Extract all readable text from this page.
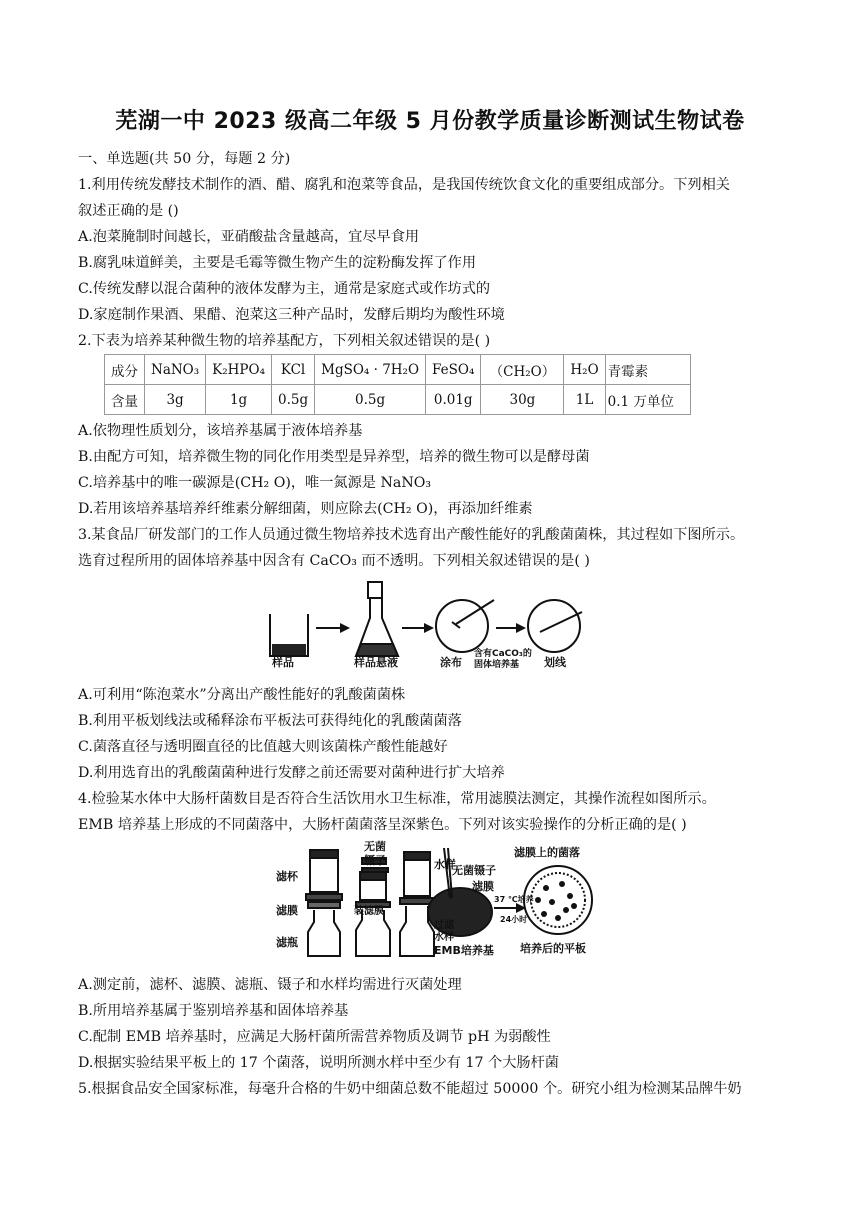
芜湖一中 2023 级高二年级 5 月份教学质量诊断测试生物试卷
一、单选题(共 50 分，每题 2 分)
1.利用传统发酵技术制作的酒、醋、腐乳和泡菜等食品，是我国传统饮食文化的重要组成部分。下列相关
叙述正确的是 ()
A.泡菜腌制时间越长，亚硝酸盐含量越高，宜尽早食用
B.腐乳味道鲜美，主要是毛霉等微生物产生的淀粉酶发挥了作用
C.传统发酵以混合菌种的液体发酵为主，通常是家庭式或作坊式的
D.家庭制作果酒、果醋、泡菜这三种产品时，发酵后期均为酸性环境
2.下表为培养某种微生物的培养基配方，下列相关叙述错误的是( )
成分	NaNO₃	K₂HPO₄	KCl	MgSO₄ · 7H₂O	FeSO₄	（CH₂O）	H₂O	青霉素
含量	3g	1g	0.5g	0.5g	0.01g	30g	1L	0.1 万单位
A.依物理性质划分，该培养基属于液体培养基
B.由配方可知，培养微生物的同化作用类型是异养型，培养的微生物可以是酵母菌
C.培养基中的唯一碳源是(CH₂ O)，唯一氮源是 NaNO₃
D.若用该培养基培养纤维素分解细菌，则应除去(CH₂ O)，再添加纤维素
3.某食品厂研发部门的工作人员通过微生物培养技术选育出产酸性能好的乳酸菌菌株，其过程如下图所示。
选育过程所用的固体培养基中因含有 CaCO₃ 而不透明。下列相关叙述错误的是( )
样品	样品悬液	涂布
含有CaCO₃的
固体培养基 划线
A.可利用“陈泡菜水”分离出产酸性能好的乳酸菌菌株
B.利用平板划线法或稀释涂布平板法可获得纯化的乳酸菌菌落
C.菌落直径与透明圈直径的比值越大则该菌株产酸性能越好
D.利用选育出的乳酸菌菌种进行发酵之前还需要对菌种进行扩大培养
4.检验某水体中大肠杆菌数目是否符合生活饮用水卫生标准，常用滤膜法测定，其操作流程如图所示。
EMB 培养基上形成的不同菌落中，大肠杆菌菌落呈深紫色。下列对该实验操作的分析正确的是( )
滤杯
滤膜
滤瓶
无菌
镊子
装滤膜
水样
过滤
水样
无菌镊子
滤膜
EMB培养基
37 ℃培养
24小时
滤膜上的菌落
培养后的平板
A.测定前，滤杯、滤膜、滤瓶、镊子和水样均需进行灭菌处理
B.所用培养基属于鉴别培养基和固体培养基
C.配制 EMB 培养基时，应满足大肠杆菌所需营养物质及调节 pH 为弱酸性
D.根据实验结果平板上的 17 个菌落，说明所测水样中至少有 17 个大肠杆菌
5.根据食品安全国家标准，每毫升合格的牛奶中细菌总数不能超过 50000 个。研究小组为检测某品牌牛奶
